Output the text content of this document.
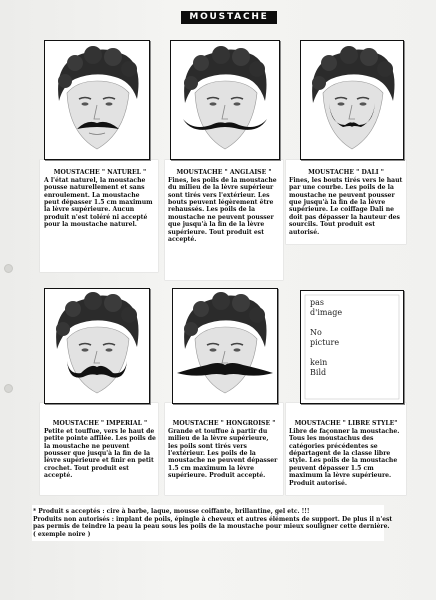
MOUSTACHE

MOUSTACHE " NATUREL "
A l'état naturel, la moustache pousse naturellement et sans enroulement. La moustache peut dépasser 1.5 cm maximum la lèvre supérieure. Aucun produit n'est toléré ni accepté pour la moustache naturel.

MOUSTACHE " ANGLAISE "
Fines, les poils de la moustache du milieu de la lèvre supérieur sont tirés vers l'extérieur. Les bouts peuvent légèrement être rehaussés. Les poils de la moustache ne peuvent pousser que jusqu'à la fin de la lèvre supérieure. Tout produit est accepté.

MOUSTACHE " DALI "
Fines, les bouts tirés vers le haut par une courbe. Les poils de la moustache ne peuvent pousser que jusqu'à la fin de la lèvre supérieure. Le coiffage Dali ne doit pas dépasser la hauteur des sourcils. Tout produit est autorisé.

pas
d'image

No
picture

kein
Bild

MOUSTACHE " IMPERIAL "
Petite et touffue, vers le haut de petite pointe affilée. Les poils de la moustache ne peuvent pousser que jusqu'à la fin de la lèvre supérieure et finir en petit crochet. Tout produit est accepté.

MOUSTACHE " HONGROISE "
Grande et touffue à partir du milieu de la lèvre supérieure, les poils sont tirés vers l'extérieur. Les poils de la moustache ne peuvent dépasser 1.5 cm maximum la lèvre supérieure. Produit accepté.

MOUSTACHE " LIBRE STYLE"
Libre de façonner la moustache. Tous les moustachus des catégories précédentes se départagent de la classe libre style. Les poils de la moustache peuvent dépasser 1.5 cm maximum la lèvre supérieure. Produit autorisé.

* Produit s acceptés : cire à barbe, laque, mousse coiffante, brillantine, gel etc. !!!
Produits non autorisés : implant de poils, épingle à cheveux et autres éléments de support. De plus il n'est pas permis de teindre la peau la peau sous les poils de la moustache pour mieux souligner cette dernière.
( exemple noire )
